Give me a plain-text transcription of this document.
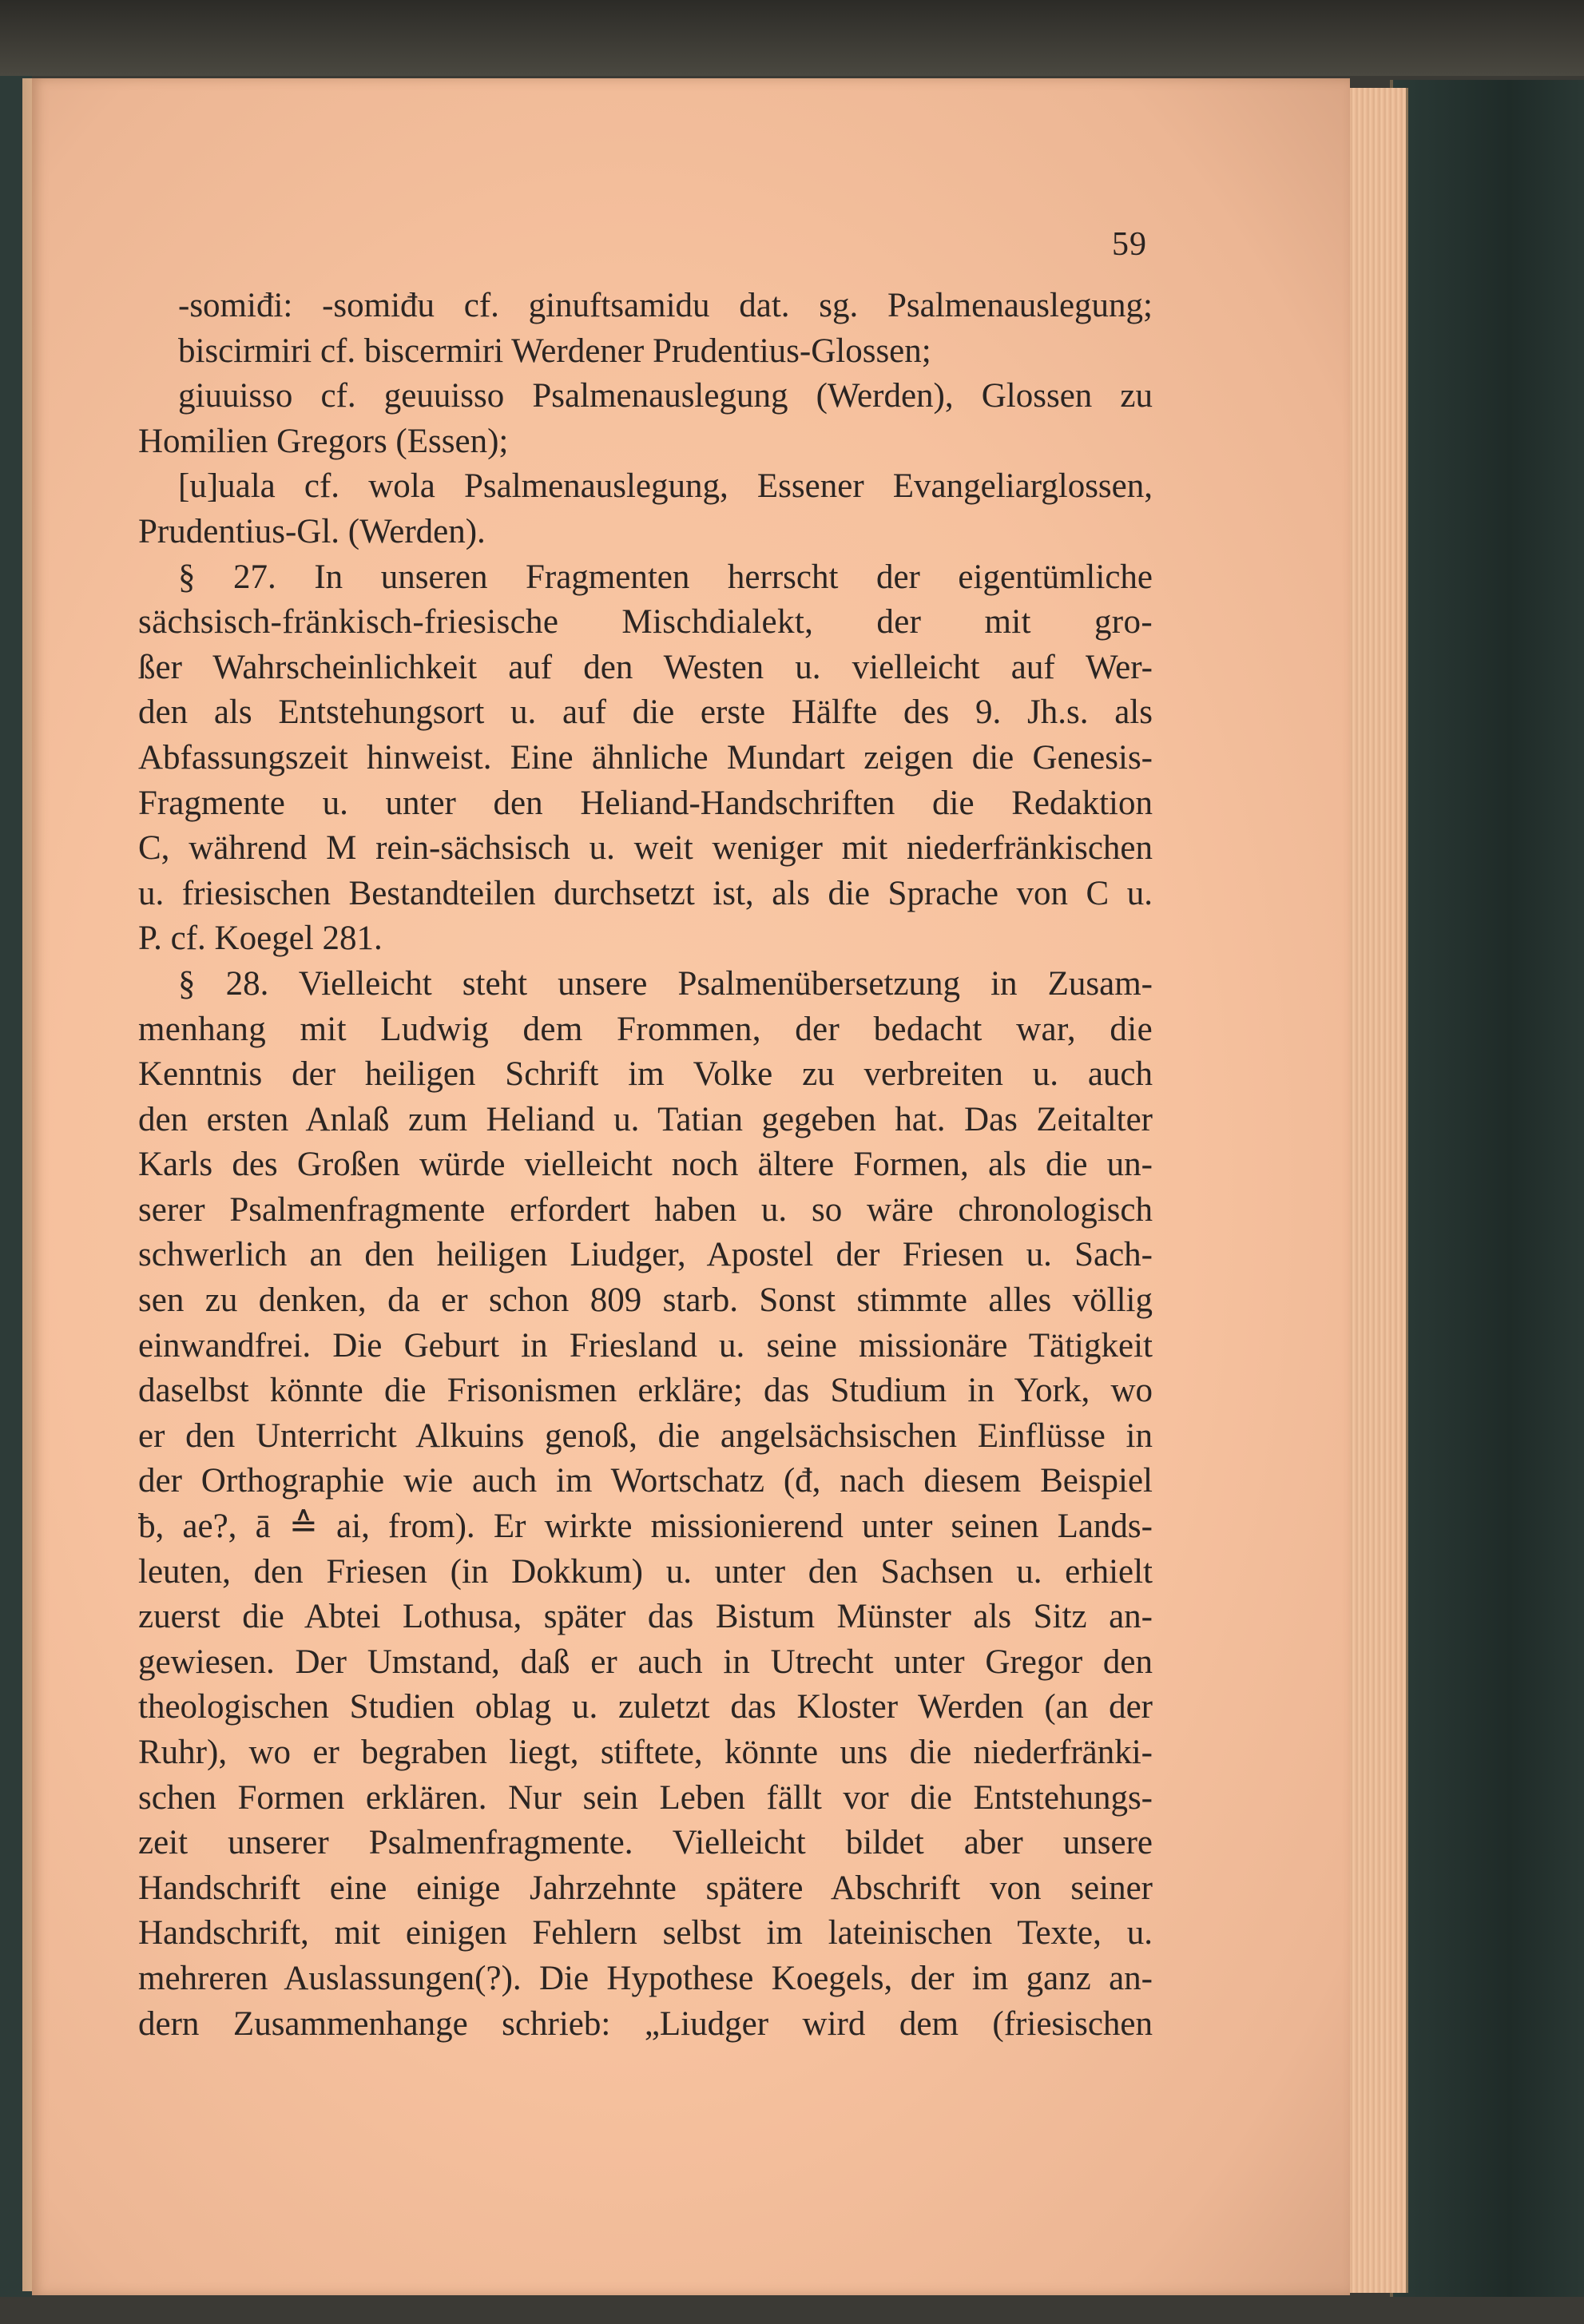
59
-somiđi: -somiđu cf. ginuftsamidu dat. sg. Psalmenauslegung;
biscirmiri cf. biscermiri Werdener Prudentius-Glossen;
giuuisso cf. geuuisso Psalmenauslegung (Werden), Glossen zu
Homilien Gregors (Essen);
[u]uala cf. wola Psalmenauslegung, Essener Evangeliarglossen,
Prudentius-Gl. (Werden).
§ 27. In unseren Fragmenten herrscht der eigentümliche
sächsisch-fränkisch-friesische Mischdialekt, der mit gro-
ßer Wahrscheinlichkeit auf den Westen u. vielleicht auf Wer-
den als Entstehungsort u. auf die erste Hälfte des 9. Jh.s. als
Abfassungszeit hinweist. Eine ähnliche Mundart zeigen die Genesis-
Fragmente u. unter den Heliand-Handschriften die Redaktion
C, während M rein-sächsisch u. weit weniger mit niederfränkischen
u. friesischen Bestandteilen durchsetzt ist, als die Sprache von C u.
P. cf. Koegel 281.
§ 28. Vielleicht steht unsere Psalmenübersetzung in Zusam-
menhang mit Ludwig dem Frommen, der bedacht war, die
Kenntnis der heiligen Schrift im Volke zu verbreiten u. auch
den ersten Anlaß zum Heliand u. Tatian gegeben hat. Das Zeitalter
Karls des Großen würde vielleicht noch ältere Formen, als die un-
serer Psalmenfragmente erfordert haben u. so wäre chronologisch
schwerlich an den heiligen Liudger, Apostel der Friesen u. Sach-
sen zu denken, da er schon 809 starb. Sonst stimmte alles völlig
einwandfrei. Die Geburt in Friesland u. seine missionäre Tätigkeit
daselbst könnte die Frisonismen erkläre; das Studium in York, wo
er den Unterricht Alkuins genoß, die angelsächsischen Einflüsse in
der Orthographie wie auch im Wortschatz (đ, nach diesem Beispiel
ƀ, ae?, ā ≙ ai, from). Er wirkte missionierend unter seinen Lands-
leuten, den Friesen (in Dokkum) u. unter den Sachsen u. erhielt
zuerst die Abtei Lothusa, später das Bistum Münster als Sitz an-
gewiesen. Der Umstand, daß er auch in Utrecht unter Gregor den
theologischen Studien oblag u. zuletzt das Kloster Werden (an der
Ruhr), wo er begraben liegt, stiftete, könnte uns die niederfränki-
schen Formen erklären. Nur sein Leben fällt vor die Entstehungs-
zeit unserer Psalmenfragmente. Vielleicht bildet aber unsere
Handschrift eine einige Jahrzehnte spätere Abschrift von seiner
Handschrift, mit einigen Fehlern selbst im lateinischen Texte, u.
mehreren Auslassungen(?). Die Hypothese Koegels, der im ganz an-
dern Zusammenhange schrieb: „Liudger wird dem (friesischen
